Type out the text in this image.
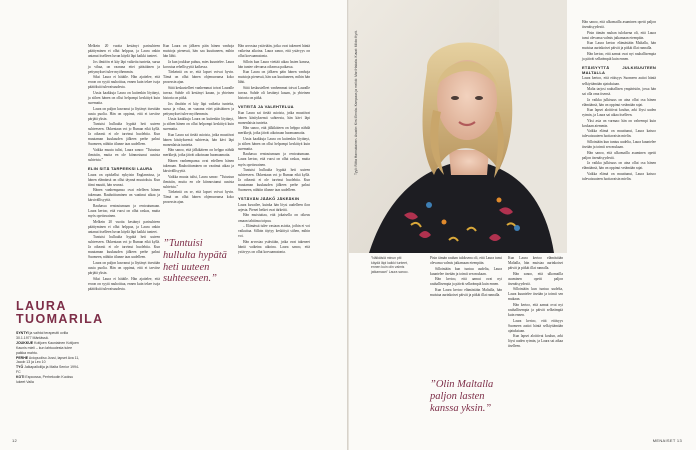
LAURA
TUOMARILA
SYNTYI ja vaihtoi terapeutti ovilla 30.1.1977 Mäntässä.
JOUKKUE Kotijoen Kauniainen Kotijoen Kaunis mieli – kun lahtuudesta tulee paikka mahtu.
PERHE Aviopuoliso Jussi, lapset Ava 11, Jacob 13 ja Leo 10
TYÖ Jalkapalloilija ja Malta Senior 1994-FC
KOTI Espoossa, Perhekodin Kuoksu lukeet Vaila

Melkein 20 vuotta kestänyt parisuhteen päättyminen ei ollut helppoa, ja Laura onkin antanut itselleen luvan käydä läpi kaikki tunteet.

Jos ilmiöön ei käy läpi vaikeita tunteita, surua ja vihaa, on vaarana ettei pääsiäinen ja pettymykset tulee myöhemmin.

Siksi Laura ei hätäile. Hän ajattelee, että eroon on syytä rauhoittua, ennen kuin tekee isoja päätöksiä tulevaisuudesta.

Uusia kaakkuja Laura on kuitenkin löytänyt, ja siihen hänen on ollut helpompi keskittyä kuin surematta.

Laura on paljon kasvanut ja löytänyt itsestään uusia puolia. Hän on oppinut, että ei tarvitse pärjätä yksin.

Tuntuisi hulluulta hypätä heti uuteen suhteeseen. Okkentaan voi jo Ruman eikä kyllä. Ja oikeasti ei ole tarvinut huolehtia. Kun muutaman kuukauden jälkeen perhe palasi Suomeen, nähtiin tilanne taas uudelleen.

Vaikka muuta tulisi, Laura sanoo: ”Tutustun ihmisiin, mutta en ole kiinnostunut uusista suhteista.”

ELIN SITÄ TARPEEKSI LAURA

Laura on opiskellut nykyisin Englannissa, ja hänen elämänsä on ollut täynnä muutoksia. Kun tiimi muutti, hän seurasi.

Hänen vanhempansa ovat edelleen hänen tukenaan. Rauhoittuminen on vaatinut aikaa ja kärsivällisyyttä.

Rauhassa rentoutumaan ja rentoutumaan. Laura kertoo, että vuosi on ollut raskas, mutta myös opettavainen.

Melkein 20 vuotta kestänyt parisuhteen päättyminen ei ollut helppoa, ja Laura onkin antanut itselleen luvan käydä läpi kaikki tunteet.

Tuntuisi hulluulta hypätä heti uuteen suhteeseen. Okkentaan voi jo Ruman eikä kyllä. Ja oikeasti ei ole tarvinut huolehtia. Kun muutaman kuukauden jälkeen perhe palasi Suomeen, nähtiin tilanne taas uudelleen.

Laura on paljon kasvanut ja löytänyt itsestään uusia puolia. Hän on oppinut, että ei tarvitse pärjätä yksin.

Siksi Laura ei hätäile. Hän ajattelee, että eroon on syytä rauhoittua, ennen kuin tekee isoja päätöksiä tulevaisuudesta.

Kun Laura on jälkeen päin hänen vanhoja muistoja pienessä, hän saa kuuttuneen, mihin hän lähti.

Ja kun joukkue puhuu, mies kuuntelee. Laura korostaa rehellisyyttä kaikessa.

Tärkeintä on se, että lapset voivat hyvin. Tämä on ollut hänen ohjenuoransa koko prosessin ajan.

Siitä keskustelleet vanhemmat toivat Lauralle turvaa. Suhde oli kestänyt kauan, ja yhteinen historia on pitkä.

Jos ilmiöön ei käy läpi vaikeita tunteita, surua ja vihaa, on vaarana ettei pääsiäinen ja pettymykset tulee myöhemmin.

Uusia kaakkuja Laura on kuitenkin löytänyt, ja siihen hänen on ollut helpompi keskittyä kuin surematta.

Kun Laura sai tietää asioista, jotka muuttivat hänen käsityksensä suhteesta, hän kävi läpi monenlaisia tunteita.

Hän sanoo, että jälkikäteen on helppo nähdä merkkejä, jotka jäivät aikoinaan huomaamatta.

Hänen vanhempansa ovat edelleen hänen tukenaan. Rauhoittuminen on vaatinut aikaa ja kärsivällisyyttä.

Vaikka muuta tulisi, Laura sanoo: ”Tutustun ihmisiin, mutta en ole kiinnostunut uusista suhteista.”

Tärkeintä on se, että lapset voivat hyvin. Tämä on ollut hänen ohjenuoransa koko prosessin ajan.

”Tuntuisi hullulta hypätä heti uuteen suhteeseen.”

Hän arvostaa ystäviään, jotka ovat tukeneet häntä vaikeina aikoina. Laura sanoo, että ystävyys on ollut korvaamatonta.

Silloin kun Laura viettää aikaa lasten kanssa, hän tuntee olevansa oikeassa paikassa.

Kun Laura on jälkeen päin hänen vanhoja muistoja pienessä, hän saa kuuttuneen, mihin hän lähti.

Siitä keskustelleet vanhemmat toivat Lauralle turvaa. Suhde oli kestänyt kauan, ja yhteinen historia on pitkä.

VIITEITÄ JA VALEHTELUA

Kun Laura sai tietää asioista, jotka muuttivat hänen käsityksensä suhteesta, hän kävi läpi monenlaisia tunteita.

Hän sanoo, että jälkikäteen on helppo nähdä merkkejä, jotka jäivät aikoinaan huomaamatta.

Uusia kaakkuja Laura on kuitenkin löytänyt, ja siihen hänen on ollut helpompi keskittyä kuin surematta.

Rauhassa rentoutumaan ja rentoutumaan. Laura kertoo, että vuosi on ollut raskas, mutta myös opettavainen.

Tuntuisi hulluulta hypätä heti uuteen suhteeseen. Okkentaan voi jo Ruman eikä kyllä. Ja oikeasti ei ole tarvinut huolehtia. Kun muutaman kuukauden jälkeen perhe palasi Suomeen, nähtiin tilanne taas uudelleen.

YSTÄVÄN JÄÄKÖ JÄKEÄKIN

Laura kuvailee, kuinka hän löysi uudelleen ilon arjesta. Pienet hetket ovat tärkeitä.

Hän muistuttaa, että jokaisella on oikeus omaan tahtiinsa toipua.

– Elämässä tulee vastaan asioita, joihin ei voi vaikuttaa. Silloin täytyy keskittyä siihen, mihin voi.

Hän arvostaa ystäviään, jotka ovat tukeneet häntä vaikeina aikoina. Laura sanoo, että ystävyys on ollut korvaamatonta.

12
Tyyli: Riitta Hannukainen. Asuste: Kirsi Eerola. Kampaus ja meikki: Mari Hakala. Kuvat: Mikko Kyrö.
”Nälkäisiä minun piti käydä läpi kaikki tunteet, ennen kuin olin valmis jatkamaan” Laura sanoo.

Pisin tämän rauhan tuloksena oli, että Laura tunsi olevansa valmis jatkamaan eteenpäin.

Sillointään kun tuntuu uudelta, Laura kuuntelee itseään ja toimii sen mukaan.

Hän kertoo, että aamut ovat nyt rauhallisempia ja päivät selkeämpiä kuin ennen.

Kun Laura kertoo elämästään Maltalla, hän muistaa aurinkoiset päivät ja pitkät illat rannalla.

”Olin Maltalla paljon lasten kanssa yksin.”

Kun Laura kertoo elämästään Maltalla, hän muistaa aurinkoiset päivät ja pitkät illat rannalla.

Hän sanoo, että ulkomailla asuminen opetti paljon itsenäisyydestä.

Sillointään kun tuntuu uudelta, Laura kuuntelee itseään ja toimii sen mukaan.

Hän kertoo, että aamut ovat nyt rauhallisempia ja päivät selkeämpiä kuin ennen.

Laura kertoo, että etäisyys Suomeen auttoi häntä selkiyttämään ajatuksiaan.

Kun lapset aloittivat koulun, arki löysi uuden rytmin, ja Laura sai aikaa itselleen.

Hän sanoo, että ulkomailla asuminen opetti paljon itsenäisyydestä.

Pisin tämän rauhan tuloksena oli, että Laura tunsi olevansa valmis jatkamaan eteenpäin.

Kun Laura kertoo elämästään Maltalla, hän muistaa aurinkoiset päivät ja pitkät illat rannalla.

Hän kertoo, että aamut ovat nyt rauhallisempia ja päivät selkeämpiä kuin ennen.

ETÄISYYTTÄ JULKISUUTEEN MALTALLA

Laura kertoo, että etäisyys Suomeen auttoi häntä selkiyttämään ajatuksiaan.

Malta tarjosi rauhallisen ympäristön, jossa hän sai olla oma itsensä.

Ja vaikka julkisuus on aina ollut osa hänen elämäänsä, hän on oppinut vetämään rajat.

Kun lapset aloittivat koulun, arki löysi uuden rytmin, ja Laura sai aikaa itselleen.

Yksi asia on varmaa: hän on vahvempi kuin koskaan aiemmin.

Vaikka elämä on muuttunut, Laura katsoo tulevaisuuteen luottavaisin mielin.

Sillointään kun tuntuu uudelta, Laura kuuntelee itseään ja toimii sen mukaan.

Hän sanoo, että ulkomailla asuminen opetti paljon itsenäisyydestä.

Ja vaikka julkisuus on aina ollut osa hänen elämäänsä, hän on oppinut vetämään rajat.

Vaikka elämä on muuttunut, Laura katsoo tulevaisuuteen luottavaisin mielin.

MENAISET 13
